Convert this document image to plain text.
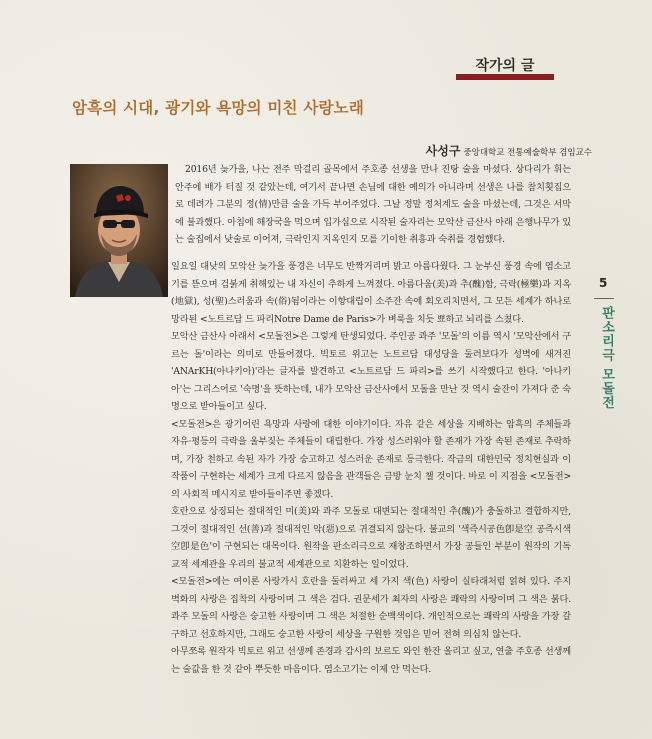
작가의 글
암흑의 시대, 광기와 욕망의 미친 사랑노래
사성구 중앙대학교 전통예술학부 겸임교수

2016년 늦가을, 나는 전주 막걸리 골목에서 주호종 선생을 만나 진탕 술을 마셨다. 상다리가 휘는 안주에 배가 터질 것 같았는데, 여기서 끝나면 손님에 대한 예의가 아니라며 선생은 나를 참치횟집으로 데려가 그분의 정(情)만큼 술을 가득 부어주었다. 그날 정말 정처계도 술을 마셨는데, 그것은 서막에 불과했다. 아침에 해장국을 먹으며 입가심으로 시작된 술자리는 모악산 금산사 아래 은행나무가 있는 술집에서 낮술로 이어져, 극락인지 지옥인지 모를 기이한 취흥과 숙취를 경험했다.

일요일 대낮의 모악산 늦가을 풍경은 너무도 반짝거리며 밝고 아름다웠다. 그 눈부신 풍경 속에 염소고기를 뜯으며 검붉게 취해있는 내 자신이 추하게 느껴졌다. 아름다움(美)과 추(醜)함, 극락(極樂)과 지옥(地獄), 성(聖)스러움과 속(俗)됨이라는 이항대립이 소주잔 속에 회오리치면서, 그 모든 세계가 하나로 망라된 <노트르담 드 파리Notre Dame de Paris>가 벼룩을 치듯 뾰하고 뇌리를 스쳤다.

모악산 금산사 아래서 <모돌전>은 그렇게 탄생되었다. 주인공 콰주 '모돌'의 이름 역시 '모악산에서 구르는 돌'이라는 의미로 만들어졌다. 빅토르 위고는 노트르담 대성당을 둘러보다가 성벽에 새겨진 'ANArKH(아나키아)'라는 글자를 발견하고 <노트르담 드 파리>를 쓰기 시작했다고 한다. '아나키아'는 그리스어로 '숙명'을 뜻하는데, 내가 모악산 금산사에서 모돌을 만난 것 역시 술잔이 가져다 준 숙명으로 받아들이고 싶다.

<모돌전>은 광기어린 욕망과 사랑에 대한 이야기이다. 자유 같은 세상을 지배하는 암흑의 주체들과 자유·평등의 극락을 울부짖는 주체들이 대립한다. 가장 성스러워야 할 존재가 가장 속된 존재로 추락하며, 가장 천하고 속된 자가 가장 숭고하고 성스러운 존재로 등극한다. 작금의 대한민국 정치현실과 이 작품이 구현하는 세계가 크게 다르지 않음을 관객들은 금방 눈치 챌 것이다. 바로 이 지점을 <모돌전>의 사회적 메시지로 받아들이주면 좋겠다.

호란으로 상징되는 절대적인 미(美)와 콰주 모돌로 대변되는 절대적인 추(醜)가 충돌하고 결합하지만, 그것이 절대적인 선(善)과 절대적인 악(惡)으로 귀결되지 않는다. 불교의 '색즉시공色卽是空 공즉시색空卽是色'이 구현되는 대목이다. 원작을 판소리극으로 재창조하면서 가장 공들인 부분이 원작의 기독교적 세계관을 우리의 불교적 세계관으로 치환하는 일이었다.

<모돌전>에는 여이론 사랑가시 호란을 둘러싸고 세 가지 색(色) 사랑이 실타래처럼 얽혀 있다. 주지 벽화의 사랑은 집착의 사랑이며 그 색은 검다. 권문세가 최자의 사랑은 쾌락의 사랑이며 그 색은 붉다. 콰주 모돌의 사랑은 숭고한 사랑이며 그 색은 처절한 순백색이다. 개인적으로는 쾌락의 사랑을 가장 갈구하고 선호하지만, 그래도 숭고한 사랑이 세상을 구원한 것임은 믿어 전혀 의심치 않는다.

아무쪼록 원작자 빅토르 위고 선생께 존경과 감사의 보르도 와인 한잔 올리고 싶고, 연출 주호종 선생께는 술값을 한 것 같아 뿌듯한 마음이다. 염소고기는 이제 안 먹는다.

5
판소리극 모돌전
